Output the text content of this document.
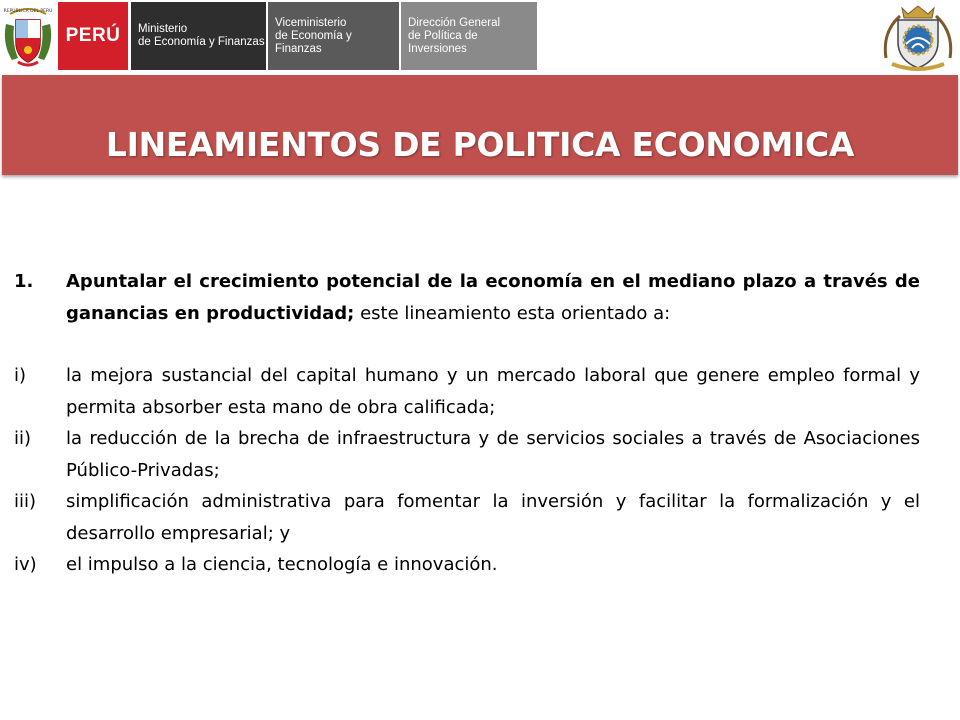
REPÚBLICA DEL PERÚ
PERÚ Ministerio
de Economía y Finanzas
Viceministerio
de Economía y Finanzas
Dirección General
de Política de Inversiones
LINEAMIENTOS DE POLITICA ECONOMICA
1.	Apuntalar el crecimiento potencial de la economía en el mediano plazo a través de ganancias en productividad; este lineamiento esta orientado a:
i)	la mejora sustancial del capital humano y un mercado laboral que genere empleo formal y permita absorber esta mano de obra calificada;
ii)	la reducción de la brecha de infraestructura y de servicios sociales a través de Asociaciones Público-Privadas;
iii)	simplificación administrativa para fomentar la inversión y facilitar la formalización y el desarrollo empresarial; y
iv)	el impulso a la ciencia, tecnología e innovación.
